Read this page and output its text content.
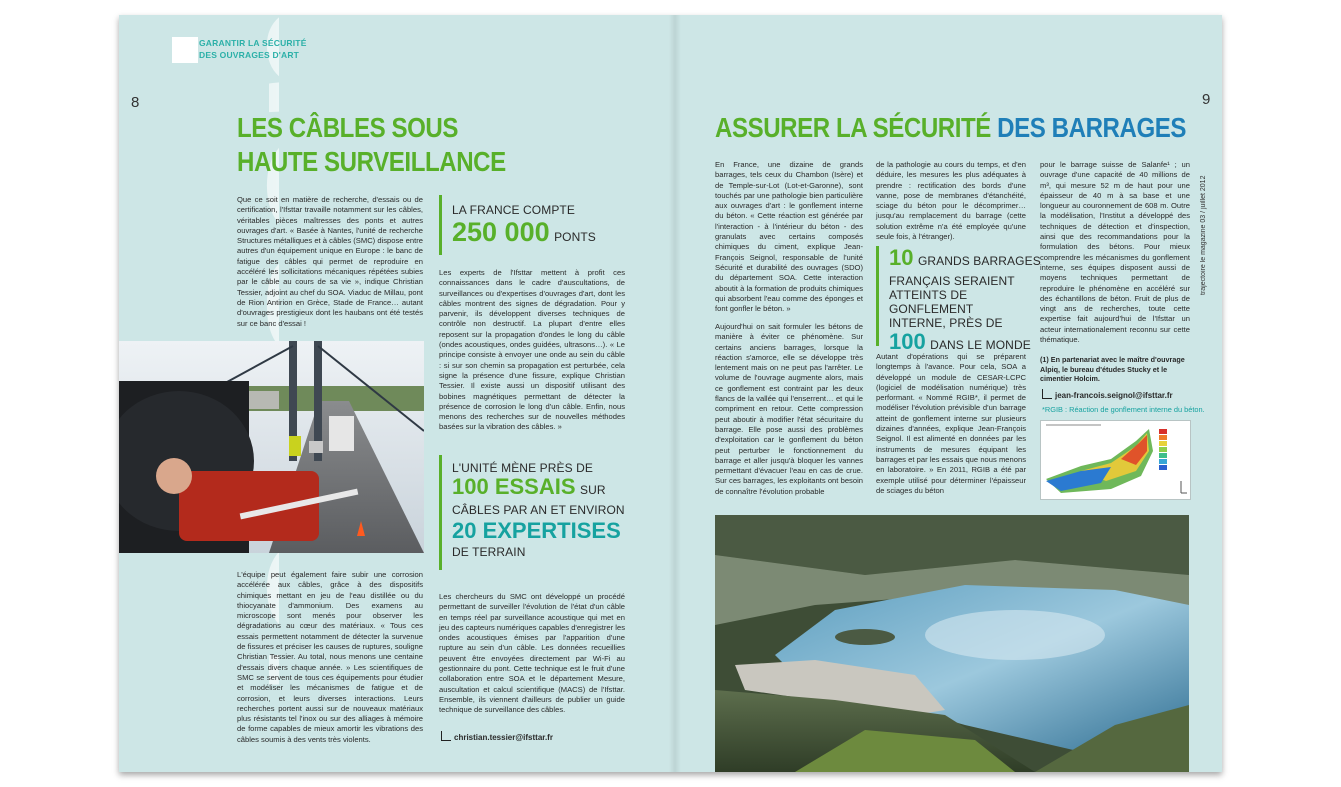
GARANTIR LA SÉCURITÉ
DES OUVRAGES D'ART
8	9
trajectoire le magazine 03 / juillet 2012
LES CÂBLES SOUS
HAUTE SURVEILLANCE
Que ce soit en matière de recherche, d'essais ou de certification, l'Ifsttar travaille notamment sur les câbles, véritables pièces maîtresses des ponts et autres ouvrages d'art. « Basée à Nantes, l'unité de recherche Structures métalliques et à câbles (SMC) dispose entre autres d'un équipement unique en Europe : le banc de fatigue des câbles qui permet de reproduire en accéléré les sollicitations mécaniques répétées subies par le câble au cours de sa vie », indique Christian Tessier, adjoint au chef du SOA. Viaduc de Millau, pont de Rion Antirion en Grèce, Stade de France… autant d'ouvrages prestigieux dont les haubans ont été testés sur ce banc d'essai !
L'équipe peut également faire subir une corrosion accélérée aux câbles, grâce à des dispositifs chimiques mettant en jeu de l'eau distillée ou du thiocyanate d'ammonium. Des examens au microscope sont menés pour observer les dégradations au cœur des matériaux. « Tous ces essais permettent notamment de détecter la survenue de fissures et préciser les causes de ruptures, souligne Christian Tessier. Au total, nous menons une centaine d'essais divers chaque année. » Les scientifiques de SMC se servent de tous ces équipements pour étudier et modéliser les mécanismes de fatigue et de corrosion, et leurs diverses interactions. Leurs recherches portent aussi sur de nouveaux matériaux plus résistants tel l'inox ou sur des alliages à mémoire de forme capables de mieux amortir les vibrations des câbles soumis à des vents très violents.
LA FRANCE COMPTE
250 000 PONTS
Les experts de l'Ifsttar mettent à profit ces connaissances dans le cadre d'auscultations, de surveillances ou d'expertises d'ouvrages d'art, dont les câbles montrent des signes de dégradation. Pour y parvenir, ils développent diverses techniques de contrôle non destructif. La plupart d'entre elles reposent sur la propagation d'ondes le long du câble (ondes acoustiques, ondes guidées, ultrasons…). « Le principe consiste à envoyer une onde au sein du câble : si sur son chemin sa propagation est perturbée, cela signe la présence d'une fissure, explique Christian Tessier. Il existe aussi un dispositif utilisant des bobines magnétiques permettant de détecter la présence de corrosion le long d'un câble. Enfin, nous menons des recherches sur de nouvelles méthodes basées sur la vibration des câbles. »
L'UNITÉ MÈNE PRÈS DE
100 ESSAIS SUR
CÂBLES PAR AN ET ENVIRON
20 EXPERTISES
DE TERRAIN
Les chercheurs du SMC ont développé un procédé permettant de surveiller l'évolution de l'état d'un câble en temps réel par surveillance acoustique qui met en jeu des capteurs numériques capables d'enregistrer les ondes acoustiques émises par l'apparition d'une rupture au sein d'un câble. Les données recueillies peuvent être envoyées directement par Wi-Fi au gestionnaire du pont. Cette technique est le fruit d'une collaboration entre SOA et le département Mesure, auscultation et calcul scientifique (MACS) de l'Ifsttar. Ensemble, ils viennent d'ailleurs de publier un guide technique de surveillance des câbles.
christian.tessier@ifsttar.fr
ASSURER LA SÉCURITÉ DES BARRAGES
En France, une dizaine de grands barrages, tels ceux du Chambon (Isère) et de Temple-sur-Lot (Lot-et-Garonne), sont touchés par une pathologie bien particulière aux ouvrages d'art : le gonflement interne du béton. « Cette réaction est générée par l'interaction - à l'intérieur du béton - des granulats avec certains composés chimiques du ciment, explique Jean-François Seignol, responsable de l'unité Sécurité et durabilité des ouvrages (SDO) du département SOA. Cette interaction aboutit à la formation de produits chimiques qui absorbent l'eau comme des éponges et font gonfler le béton. »
Aujourd'hui on sait formuler les bétons de manière à éviter ce phénomène. Sur certains anciens barrages, lorsque la réaction s'amorce, elle se développe très lentement mais on ne peut pas l'arrêter. Le volume de l'ouvrage augmente alors, mais ce gonflement est contraint par les deux flancs de la vallée qui l'enserrent… et qui le compriment en retour. Cette compression peut aboutir à modifier l'état sécuritaire du barrage. Elle pose aussi des problèmes d'exploitation car le gonflement du béton peut perturber le fonctionnement du barrage et aller jusqu'à bloquer les vannes permettant d'évacuer l'eau en cas de crue. Sur ces barrages, les exploitants ont besoin de connaître l'évolution probable
de la pathologie au cours du temps, et d'en déduire, les mesures les plus adéquates à prendre : rectification des bords d'une vanne, pose de membranes d'étanchéité, sciage du béton pour le décomprimer… jusqu'au remplacement du barrage (cette solution extrême n'a été employée qu'une seule fois, à l'étranger).
10 GRANDS BARRAGES
FRANÇAIS SERAIENT
ATTEINTS DE GONFLEMENT
INTERNE, PRÈS DE
100 DANS LE MONDE
Autant d'opérations qui se préparent longtemps à l'avance. Pour cela, SOA a développé un module de CESAR-LCPC (logiciel de modélisation numérique) très performant. « Nommé RGIB*, il permet de modéliser l'évolution prévisible d'un barrage atteint de gonflement interne sur plusieurs dizaines d'années, explique Jean-François Seignol. Il est alimenté en données par les instruments de mesures équipant les barrages et par les essais que nous menons en laboratoire. » En 2011, RGIB a été par exemple utilisé pour déterminer l'épaisseur de sciages du béton
pour le barrage suisse de Salanfe¹ ; un ouvrage d'une capacité de 40 millions de m³, qui mesure 52 m de haut pour une épaisseur de 40 m à sa base et une longueur au couronnement de 608 m. Outre la modélisation, l'Institut a développé des techniques de détection et d'inspection, ainsi que des recommandations pour la formulation des bétons. Pour mieux comprendre les mécanismes du gonflement interne, ses équipes disposent aussi de moyens techniques permettant de reproduire le phénomène en accéléré sur des échantillons de béton. Fruit de plus de vingt ans de recherches, toute cette expertise fait aujourd'hui de l'Ifsttar un acteur internationalement reconnu sur cette thématique.
(1) En partenariat avec le maître d'ouvrage Alpiq, le bureau d'études Stucky et le cimentier Holcim.
jean-francois.seignol@ifsttar.fr
*RGIB : Réaction de gonflement interne du béton.
